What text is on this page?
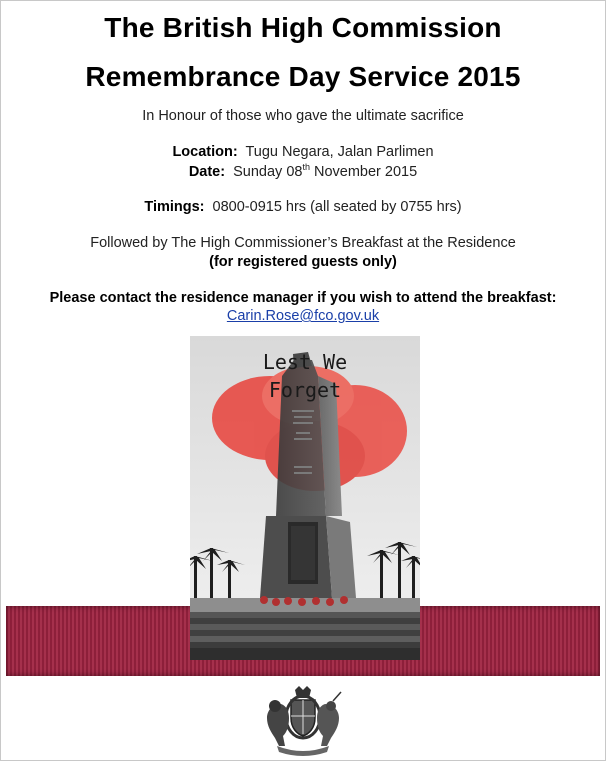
The British High Commission
Remembrance Day Service 2015
In Honour of those who gave the ultimate sacrifice
Location: Tugu Negara, Jalan Parlimen
Date: Sunday 08th November 2015
Timings: 0800-0915 hrs (all seated by 0755 hrs)
Followed by The High Commissioner’s Breakfast at the Residence
(for registered guests only)
Please contact the residence manager if you wish to attend the breakfast:
Carin.Rose@fco.gov.uk
Lest We
Forget
